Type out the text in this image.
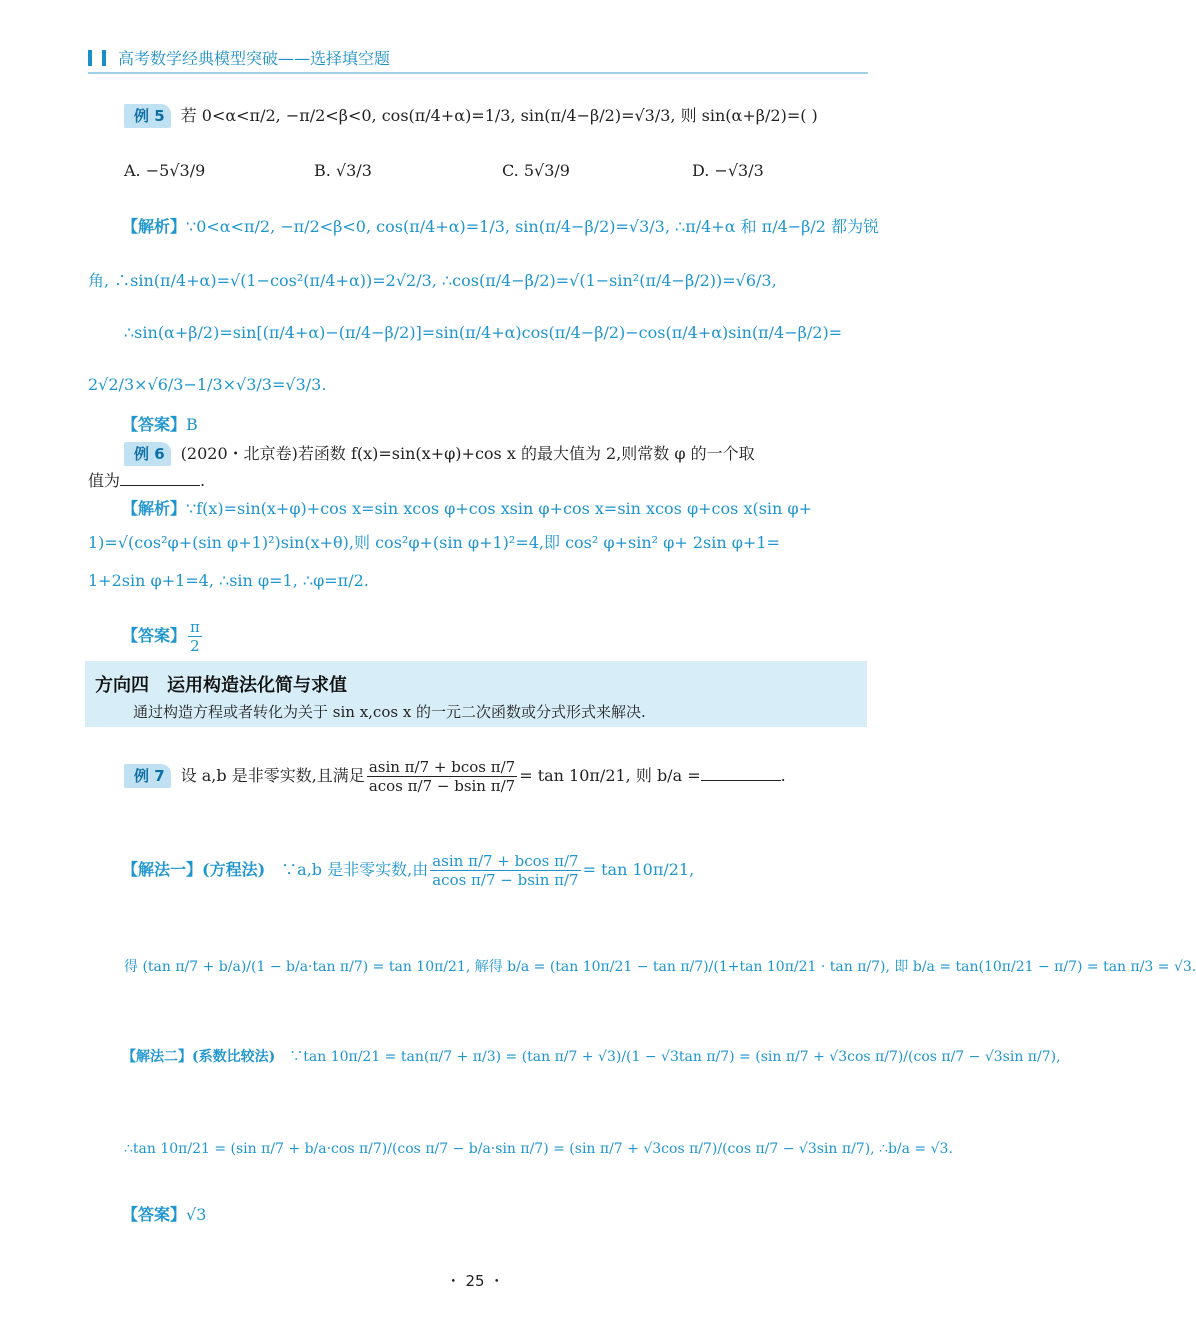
高考数学经典模型突破——选择填空题
例 5 若 0<α<π/2, −π/2<β<0, cos(π/4+α)=1/3, sin(π/4−β/2)=√3/3, 则 sin(α+β/2)=( )
A. −5√3/9	B. √3/3	C. 5√3/9	D. −√3/3
【解析】∵0<α<π/2, −π/2<β<0, cos(π/4+α)=1/3, sin(π/4−β/2)=√3/3, ∴π/4+α 和 π/4−β/2 都为锐
角, ∴sin(π/4+α)=√(1−cos²(π/4+α))=2√2/3, ∴cos(π/4−β/2)=√(1−sin²(π/4−β/2))=√6/3,
∴sin(α+β/2)=sin[(π/4+α)−(π/4−β/2)]=sin(π/4+α)cos(π/4−β/2)−cos(π/4+α)sin(π/4−β/2)=
2√2/3×√6/3−1/3×√3/3=√3/3.
【答案】B
例 6 (2020・北京卷)若函数 f(x)=sin(x+φ)+cos x 的最大值为 2,则常数 φ 的一个取
值为	.
【解析】∵f(x)=sin(x+φ)+cos x=sin xcos φ+cos xsin φ+cos x=sin xcos φ+cos x(sin φ+
1)=√(cos²φ+(sin φ+1)²)sin(x+θ),则 cos²φ+(sin φ+1)²=4,即 cos² φ+sin² φ+ 2sin φ+1=
1+2sin φ+1=4, ∴sin φ=1, ∴φ=π/2.
【答案】 $\frac{\pi}{2}$
方向四　运用构造法化简与求值
通过构造方程或者转化为关于 sin x,cos x 的一元二次函数或分式形式来解决.
例 7 设 a,b 是非零实数,且满足 $\frac{\text{asin π/7 + bcos π/7}}{\text{acos π/7 − bsin π/7}} = \tan 10\pi/21$, 则 b/a =	.
【解法一】(方程法)　 ∵a,b 是非零实数,由 $\frac{\text{asin π/7 + bcos π/7}}{\text{acos π/7 − bsin π/7}} = \tan 10\pi/21$,
得 (tan π/7 + b/a)/(1 − b/a·tan π/7) = tan 10π/21, 解得 b/a = (tan 10π/21 − tan π/7)/(1+tan 10π/21 · tan π/7), 即 b/a = tan(10π/21 − π/7) = tan π/3 = √3.
【解法二】(系数比较法)　 ∵tan 10π/21 = tan(π/7 + π/3) = (tan π/7 + √3)/(1 − √3tan π/7) = (sin π/7 + √3cos π/7)/(cos π/7 − √3sin π/7),
∴tan 10π/21 = (sin π/7 + b/a·cos π/7)/(cos π/7 − b/a·sin π/7) = (sin π/7 + √3cos π/7)/(cos π/7 − √3sin π/7), ∴b/a = √3.
【答案】√3
・ 25 ・
